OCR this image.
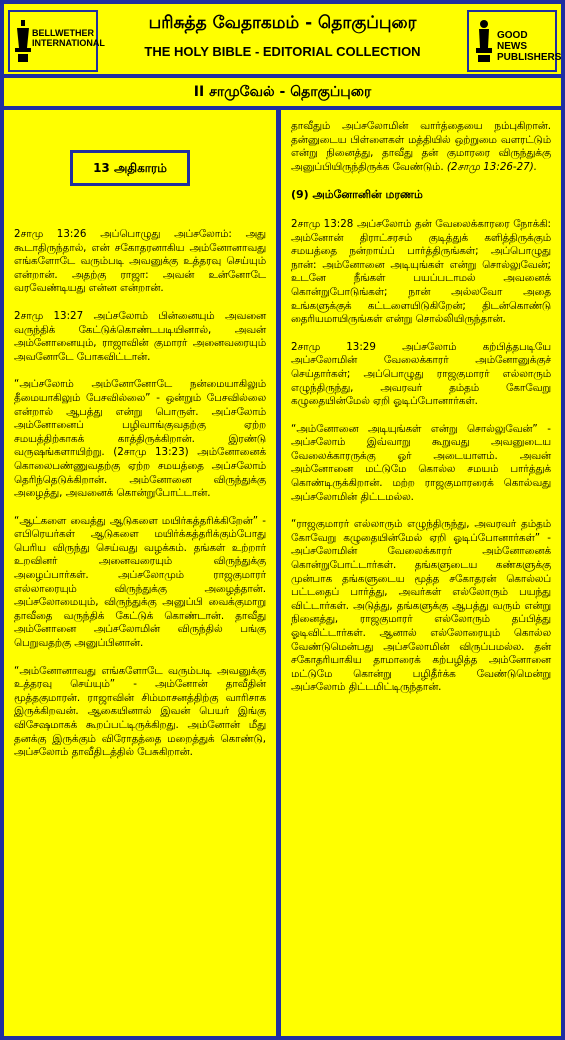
BELLWETHER INTERNATIONAL
பரிசுத்த வேதாகமம் - தொகுப்புரை
THE HOLY BIBLE - EDITORIAL COLLECTION
GOOD NEWS PUBLISHERS
II சாமுவேல் - தொகுப்புரை
13 அதிகாரம்

2சாமு 13:26 அப்பொழுது அப்சலோம்: அது கூடாதிருந்தால், என் சகோதரனாகிய அம்னோனாவது எங்களோடே வரும்படி அவனுக்கு உத்தரவு செய்யும் என்றான். அதற்கு ராஜா: அவன் உன்னோடே வரவேண்டியது என்ன என்றான்.

2சாமு 13:27 அப்சலோம் பின்னையும் அவனை வருந்திக் கேட்டுக்கொண்டபடியினால், அவன் அம்னோனையும், ராஜாவின் குமாரர் அனைவரையும் அவனோடே போகவிட்டான்.

“அப்சலோம் அம்னோனோடே நன்மையாகிலும் தீமையாகிலும் பேசவில்லை” - ஒன்றும் பேசவில்லை என்றால் ஆபத்து என்று பொருள். அப்சலோம் அம்னோனைப் பழிவாங்குவதற்கு ஏற்ற சமயத்திற்காகக் காத்திருக்கிறான். இரண்டு வருஷங்களாயிற்று. (2சாமு 13:23) அம்னோனைக் கொலைபண்ணுவதற்கு ஏற்ற சமயத்தை அப்சலோம் தெரிந்தெடுக்கிறான். அம்னோனை விருந்துக்கு அழைத்து, அவனைக் கொன்றுபோட்டான்.

“ஆட்களை வைத்து ஆடுகளை மயிர்கத்தரிக்கிறேன்” - எபிரெயர்கள் ஆடுகளை மயிர்க்கத்தரிக்கும்போது பெரிய விருந்து செய்வது வழக்கம். தங்கள் உற்றார் உறவினர் அனைவரையும் விருந்துக்கு அழைப்பார்கள். அப்சலோமும் ராஜகுமாரர் எல்லாரையும் விருந்துக்கு அழைத்தான். அப்சலோமையும், விருந்துக்கு அனுப்பி வைக்குமாறு தாவீதை வருந்திக் கேட்டுக் கொண்டான். தாவீது அம்னோனை அப்சலோமின் விருந்தில் பங்கு பெறுவதற்கு அனுப்பினான்.

“அம்னோனாவது எங்களோடே வரும்படி அவனுக்கு உத்தரவு செய்யும்” - அம்னோன் தாவீதின் மூத்தகுமாரன். ராஜாவின் சிம்மாசனத்திற்கு வாரிசாக இருக்கிறவன். ஆகையினால் இவன் பெயர் இங்கு விசேஷமாகக் கூறப்பட்டிருக்கிறது. அம்னோன் மீது தனக்கு இருக்கும் விரோதத்தை மறைத்துக் கொண்டு, அப்சலோம் தாவீதிடத்தில் பேசுகிறான்.

தாவீதும் அப்சலோமின் வார்த்தையை நம்புகிறான். தன்னுடைய பிள்ளைகள் மத்தியில் ஒற்றுமை வளரட்டும் என்று நினைத்து, தாவீது தன் குமாரரை விருந்துக்கு அனுப்பியிருந்திருக்க வேண்டும். (2சாமு 13:26-27).

(9) அம்னோனின் மரணம்

2சாமு 13:28 அப்சலோம் தன் வேலைக்காரரை நோக்கி: அம்னோன் திராட்சரசம் குடித்துக் களித்திருக்கும் சமயத்தை நன்றாய்ப் பார்த்திருங்கள்; அப்பொழுது நான்: அம்னோனை அடியுங்கள் என்று சொல்லுவேன்; உடனே நீங்கள் பயப்படாமல் அவனைக் கொன்றுபோடுங்கள்; நான் அல்லவோ அதை உங்களுக்குக் கட்டளையிடுகிறேன்; திடன்கொண்டு தைரியமாயிருங்கள் என்று சொல்லியிருந்தான்.

2சாமு 13:29 அப்சலோம் கற்பித்தபடியே அப்சலோமின் வேலைக்காரர் அம்னோனுக்குச் செய்தார்கள்; அப்பொழுது ராஜகுமாரர் எல்லாரும் எழுந்திருந்து, அவரவர் தம்தம் கோவேறு கழுதையின்மேல் ஏறி ஓடிப்போனார்கள்.

“அம்னோனை அடியுங்கள் என்று சொல்லுவேன்” - அப்சலோம் இவ்வாறு கூறுவது அவனுடைய வேலைக்காரருக்கு ஓர் அடையாளம். அவன் அம்னோனை மட்டுமே கொல்ல சமயம் பார்த்துக் கொண்டிருக்கிறான். மற்ற ராஜகுமாரரைக் கொல்வது அப்சலோமின் திட்டமல்ல.

“ராஜகுமாரர் எல்லாரும் எழுந்திருந்து, அவரவர் தம்தம் கோவேறு கழுதையின்மேல் ஏறி ஓடிப்போனார்கள்” - அப்சலோமின் வேலைக்காரர் அம்னோனைக் கொன்றுபோட்டார்கள். தங்களுடைய கண்களுக்கு முன்பாக தங்களுடைய மூத்த சகோதரன் கொல்லப் பட்டதைப் பார்த்து, அவர்கள் எல்லோரும் பயந்து விட்டார்கள். அடுத்து, தங்களுக்கு ஆபத்து வரும் என்று நினைத்து, ராஜகுமாரர் எல்லோரும் தப்பித்து ஓடிவிட்டார்கள். ஆனால் எல்லோரையும் கொல்ல வேண்டுமென்பது அப்சலோமின் விருப்பமல்ல. தன் சகோதரியாகிய தாமாரைக் கற்பழித்த அம்னோனை மட்டுமே கொன்று பழிதீர்க்க வேண்டுமென்று அப்சலோம் திட்டமிட்டிருந்தான்.
